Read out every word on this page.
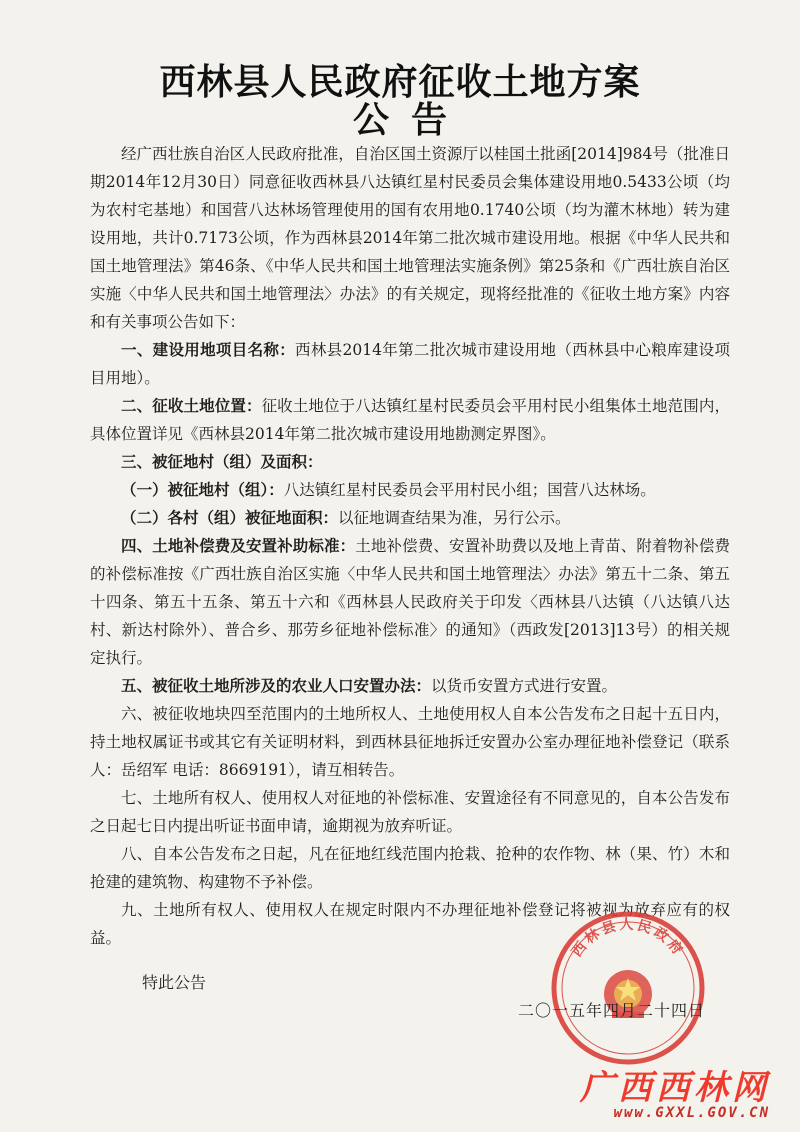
西林县人民政府征收土地方案
公告

经广西壮族自治区人民政府批准，自治区国土资源厅以桂国土批函[2014]984号（批准日期2014年12月30日）同意征收西林县八达镇红星村民委员会集体建设用地0.5433公顷（均为农村宅基地）和国营八达林场管理使用的国有农用地0.1740公顷（均为灌木林地）转为建设用地，共计0.7173公顷，作为西林县2014年第二批次城市建设用地。根据《中华人民共和国土地管理法》第46条、《中华人民共和国土地管理法实施条例》第25条和《广西壮族自治区实施〈中华人民共和国土地管理法〉办法》的有关规定，现将经批准的《征收土地方案》内容和有关事项公告如下：

一、建设用地项目名称：西林县2014年第二批次城市建设用地（西林县中心粮库建设项目用地）。

二、征收土地位置：征收土地位于八达镇红星村民委员会平用村民小组集体土地范围内，具体位置详见《西林县2014年第二批次城市建设用地勘测定界图》。

三、被征地村（组）及面积：

（一）被征地村（组）：八达镇红星村民委员会平用村民小组；国营八达林场。

（二）各村（组）被征地面积：以征地调查结果为准，另行公示。

四、土地补偿费及安置补助标准：土地补偿费、安置补助费以及地上青苗、附着物补偿费的补偿标准按《广西壮族自治区实施〈中华人民共和国土地管理法〉办法》第五十二条、第五十四条、第五十五条、第五十六和《西林县人民政府关于印发〈西林县八达镇（八达镇八达村、新达村除外）、普合乡、那劳乡征地补偿标准〉的通知》（西政发[2013]13号）的相关规定执行。

五、被征收土地所涉及的农业人口安置办法：以货币安置方式进行安置。

六、被征收地块四至范围内的土地所权人、土地使用权人自本公告发布之日起十五日内，持土地权属证书或其它有关证明材料，到西林县征地拆迁安置办公室办理征地补偿登记（联系人：岳绍军 电话：8669191），请互相转告。

七、土地所有权人、使用权人对征地的补偿标准、安置途径有不同意见的，自本公告发布之日起七日内提出听证书面申请，逾期视为放弃听证。

八、自本公告发布之日起，凡在征地红线范围内抢栽、抢种的农作物、林（果、竹）木和抢建的建筑物、构建物不予补偿。

九、土地所有权人、使用权人在规定时限内不办理征地补偿登记将被视为放弃应有的权益。	西林县人民政府

特此公告

二〇一五年四月二十四日

广西西林网
www.GXXL.GOV.CN
